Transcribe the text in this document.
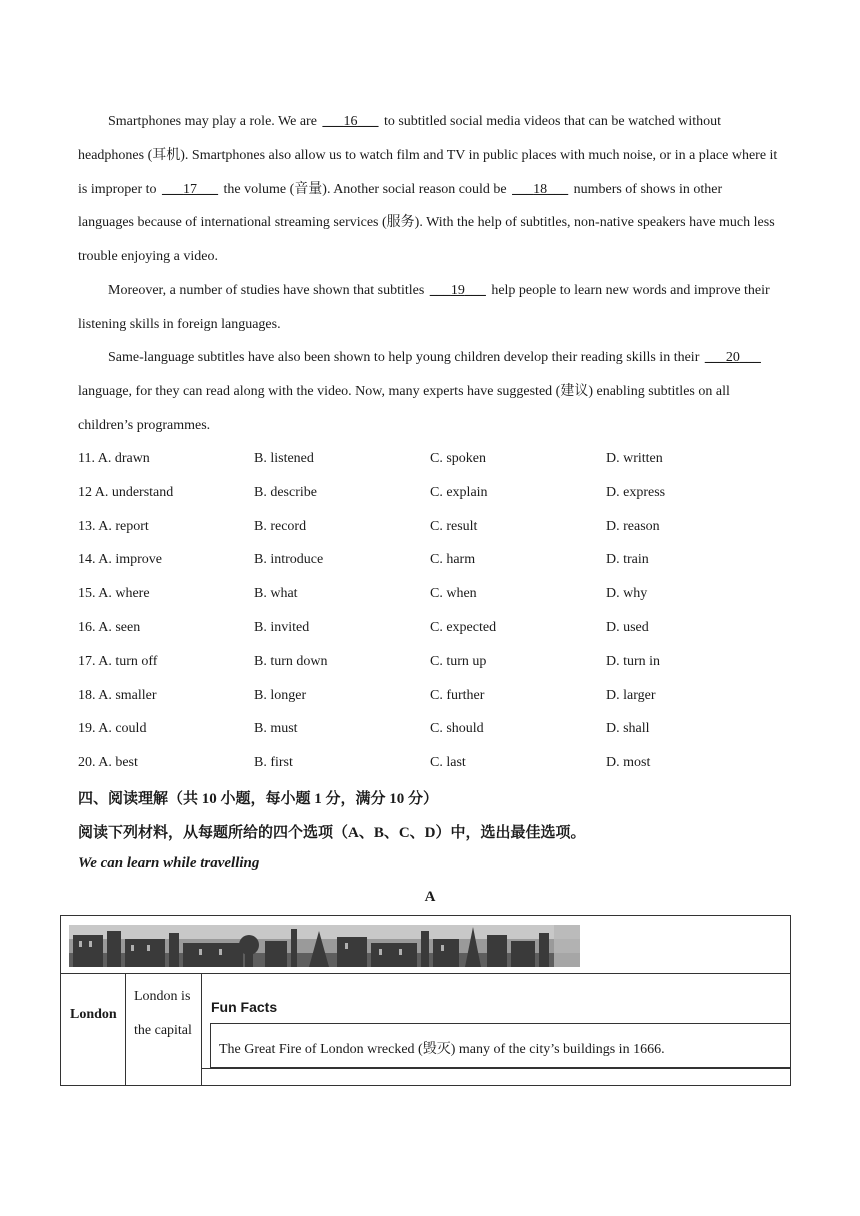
Smartphones may play a role. We are ___16___ to subtitled social media videos that can be watched without headphones (耳机). Smartphones also allow us to watch film and TV in public places with much noise, or in a place where it is improper to ___17___ the volume (音量). Another social reason could be ___18___ numbers of shows in other languages because of international streaming services (服务). With the help of subtitles, non-native speakers have much less trouble enjoying a video.

Moreover, a number of studies have shown that subtitles ___19___ help people to learn new words and improve their listening skills in foreign languages.

Same-language subtitles have also been shown to help young children develop their reading skills in their ___20___ language, for they can read along with the video. Now, many experts have suggested (建议) enabling subtitles on all children’s programmes.

11. A. drawn	B. listened	C. spoken	D. written
12 A. understand	B. describe	C. explain	D. express
13. A. report	B. record	C. result	D. reason
14. A. improve	B. introduce	C. harm	D. train
15. A. where	B. what	C. when	D. why
16. A. seen	B. invited	C. expected	D. used
17. A. turn off	B. turn down	C. turn up	D. turn in
18. A. smaller	B. longer	C. further	D. larger
19. A. could	B. must	C. should	D. shall
20. A. best	B. first	C. last	D. most
四、阅读理解（共 10 小题，每小题 1 分，满分 10 分）
阅读下列材料，从每题所给的四个选项（A、B、C、D）中，选出最佳选项。
We can learn while travelling
A
London
London is the capital
Fun Facts
The Great Fire of London wrecked (毁灭) many of the city’s buildings in 1666.
